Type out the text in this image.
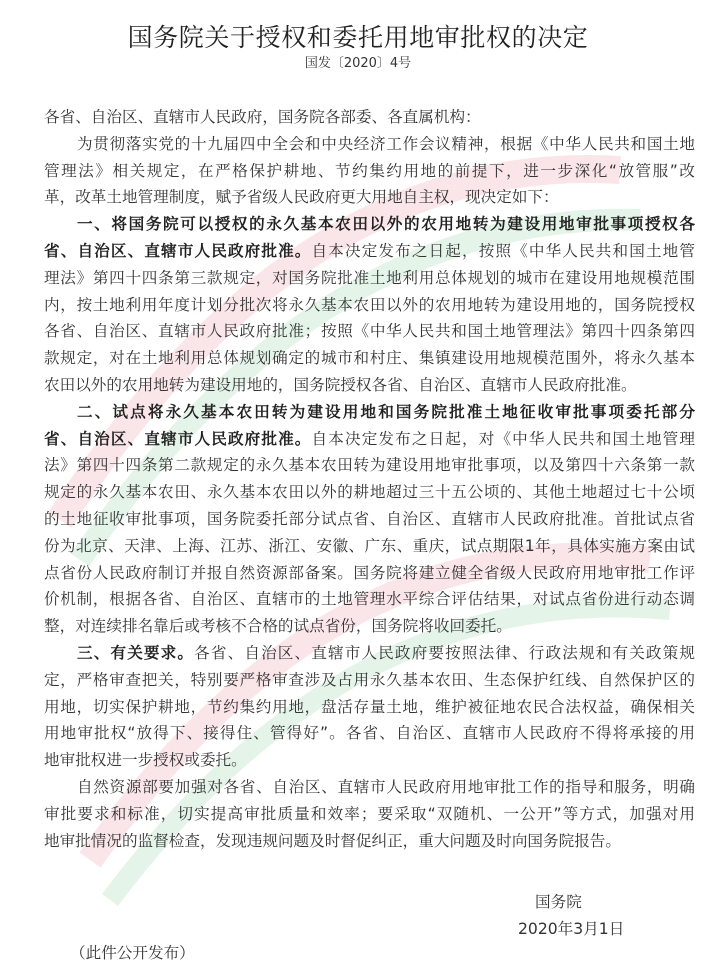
国务院关于授权和委托用地审批权的决定
国发〔2020〕4号
各省、自治区、直辖市人民政府，国务院各部委、各直属机构：
为贯彻落实党的十九届四中全会和中央经济工作会议精神，根据《中华人民共和国土地
管理法》相关规定，在严格保护耕地、节约集约用地的前提下，进一步深化“放管服”改
革，改革土地管理制度，赋予省级人民政府更大用地自主权，现决定如下：
一、将国务院可以授权的永久基本农田以外的农用地转为建设用地审批事项授权各
省、自治区、直辖市人民政府批准。自本决定发布之日起，按照《中华人民共和国土地管
理法》第四十四条第三款规定，对国务院批准土地利用总体规划的城市在建设用地规模范围
内，按土地利用年度计划分批次将永久基本农田以外的农用地转为建设用地的，国务院授权
各省、自治区、直辖市人民政府批准；按照《中华人民共和国土地管理法》第四十四条第四
款规定，对在土地利用总体规划确定的城市和村庄、集镇建设用地规模范围外，将永久基本
农田以外的农用地转为建设用地的，国务院授权各省、自治区、直辖市人民政府批准。
二、试点将永久基本农田转为建设用地和国务院批准土地征收审批事项委托部分
省、自治区、直辖市人民政府批准。自本决定发布之日起，对《中华人民共和国土地管理
法》第四十四条第二款规定的永久基本农田转为建设用地审批事项，以及第四十六条第一款
规定的永久基本农田、永久基本农田以外的耕地超过三十五公顷的、其他土地超过七十公顷
的土地征收审批事项，国务院委托部分试点省、自治区、直辖市人民政府批准。首批试点省
份为北京、天津、上海、江苏、浙江、安徽、广东、重庆，试点期限1年，具体实施方案由试
点省份人民政府制订并报自然资源部备案。国务院将建立健全省级人民政府用地审批工作评
价机制，根据各省、自治区、直辖市的土地管理水平综合评估结果，对试点省份进行动态调
整，对连续排名靠后或考核不合格的试点省份，国务院将收回委托。
三、有关要求。各省、自治区、直辖市人民政府要按照法律、行政法规和有关政策规
定，严格审查把关，特别要严格审查涉及占用永久基本农田、生态保护红线、自然保护区的
用地，切实保护耕地，节约集约用地，盘活存量土地，维护被征地农民合法权益，确保相关
用地审批权“放得下、接得住、管得好”。各省、自治区、直辖市人民政府不得将承接的用
地审批权进一步授权或委托。
自然资源部要加强对各省、自治区、直辖市人民政府用地审批工作的指导和服务，明确
审批要求和标准，切实提高审批质量和效率；要采取“双随机、一公开”等方式，加强对用
地审批情况的监督检查，发现违规问题及时督促纠正，重大问题及时向国务院报告。
国务院
2020年3月1日
（此件公开发布）
